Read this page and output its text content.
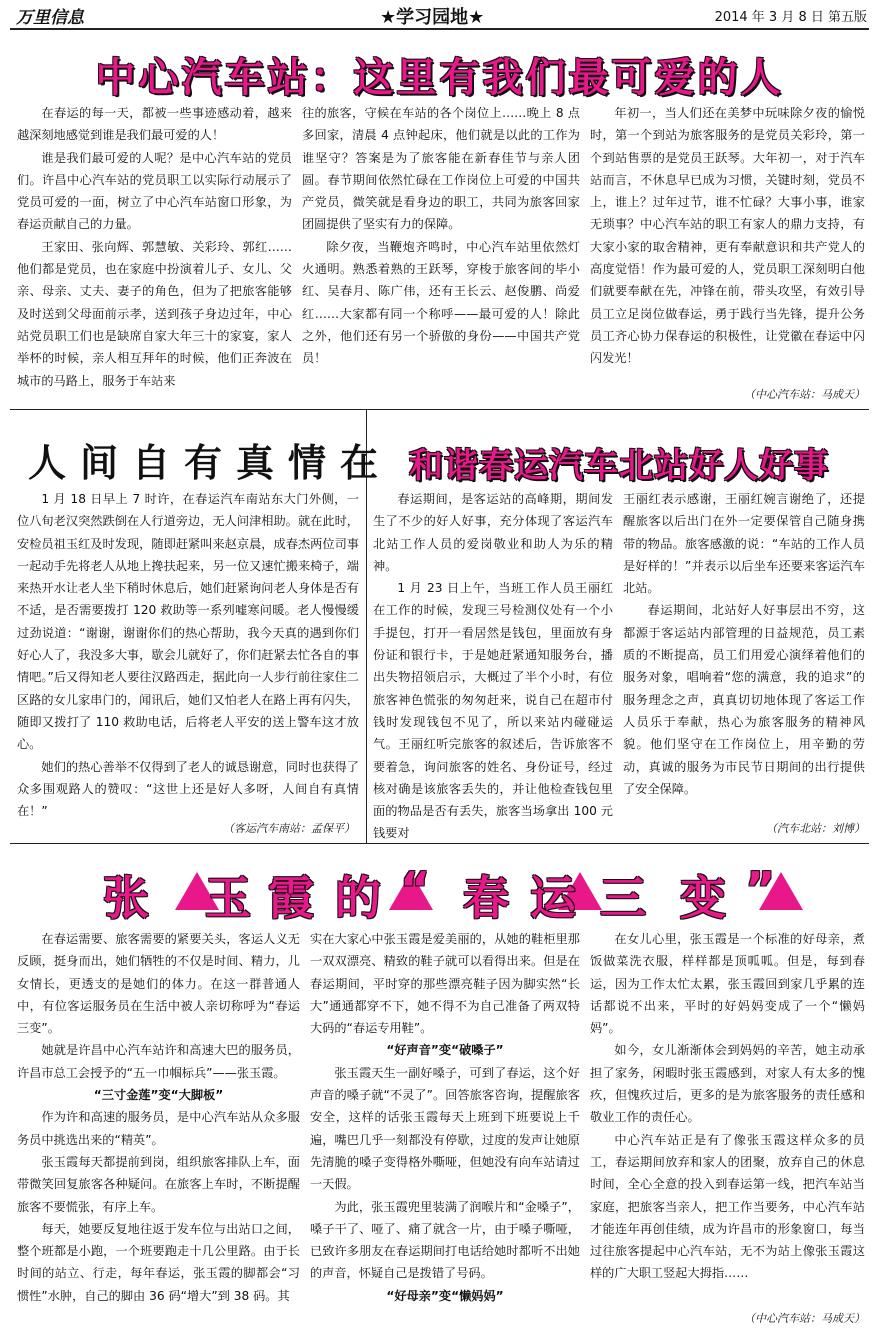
万里信息	★学习园地★	2014 年 3 月 8 日 第五版
中心汽车站：这里有我们最可爱的人

在春运的每一天，都被一些事迹感动着，越来越深刻地感觉到谁是我们最可爱的人！

谁是我们最可爱的人呢？是中心汽车站的党员们。许昌中心汽车站的党员职工以实际行动展示了党员可爱的一面，树立了中心汽车站窗口形象，为春运贡献自己的力量。

王家田、张向辉、郭慧敏、关彩玲、郭红……他们都是党员，也在家庭中扮演着儿子、女儿、父亲、母亲、丈夫、妻子的角色，但为了把旅客能够及时送到父母面前示孝，送到孩子身边过年，中心站党员职工们也是缺席自家大年三十的家宴，家人举杯的时候，亲人相互拜年的时候，他们正奔波在城市的马路上，服务于车站来

往的旅客，守候在车站的各个岗位上……晚上 8 点多回家，清晨 4 点钟起床，他们就是以此的工作为谁坚守？答案是为了旅客能在新春佳节与亲人团圆。春节期间依然忙碌在工作岗位上可爱的中国共产党员，微笑就是看身边的职工，共同为旅客回家团圆提供了坚实有力的保障。

除夕夜，当鞭炮齐鸣时，中心汽车站里依然灯火通明。熟悉着熟的王跃琴，穿梭于旅客间的毕小红、吴春月、陈广伟，还有王长云、赵俊鹏、尚爱红……大家都有同一个称呼——最可爱的人！除此之外，他们还有另一个骄傲的身份——中国共产党员！

年初一，当人们还在美梦中玩味除夕夜的愉悦时，第一个到站为旅客服务的是党员关彩玲，第一个到站售票的是党员王跃琴。大年初一，对于汽车站而言，不休息早已成为习惯，关键时刻，党员不上，谁上？过年过节，谁不忙碌？大事小事，谁家无琐事？中心汽车站的职工有家人的鼎力支持，有大家小家的取舍精神，更有奉献意识和共产党人的高度觉悟！作为最可爱的人，党员职工深刻明白他们就要奉献在先，冲锋在前，带头攻坚，有效引导员工立足岗位做春运，勇于践行当先锋，提升公务员工齐心协力保春运的积极性，让党徽在春运中闪闪发光！

（中心汽车站：马成天）
人间自有真情在

1 月 18 日早上 7 时许，在春运汽车南站东大门外侧，一位八旬老汉突然跌倒在人行道旁边，无人问津相助。就在此时，安检员祖玉红及时发现，随即赶紧叫来赵京晨，成春杰两位司事一起动手先将老人从地上搀扶起来，另一位又速忙搬来椅子，端来热开水让老人坐下稍时休息后，她们赶紧询问老人身体是否有不适，是否需要拨打 120 救助等一系列嘘寒问暖。老人慢慢缓过劲说道：“谢谢，谢谢你们的热心帮助，我今天真的遇到你们好心人了，我没多大事，歇会儿就好了，你们赶紧去忙各自的事情吧。”后又得知老人要往汉路西走，据此向一人步行前往家住二区路的女儿家串门的，闻讯后，她们又怕老人在路上再有闪失，随即又拨打了 110 救助电话，后将老人平安的送上警车这才放心。

她们的热心善举不仅得到了老人的诚恳谢意，同时也获得了众多围观路人的赞叹：“这世上还是好人多呀，人间自有真情在！”

（客运汽车南站：孟保平）
和谐春运汽车北站好人好事

春运期间，是客运站的高峰期，期间发生了不少的好人好事，充分体现了客运汽车北站工作人员的爱岗敬业和助人为乐的精神。

1 月 23 日上午，当班工作人员王丽红在工作的时候，发现三号检测仪处有一个小手提包，打开一看居然是钱包，里面放有身份证和银行卡，于是她赶紧通知服务台，播出失物招领启示，大概过了半个小时，有位旅客神色慌张的匆匆赶来，说自己在超市付钱时发现钱包不见了，所以来站内碰碰运气。王丽红听完旅客的叙述后，告诉旅客不要着急，询问旅客的姓名、身份证号，经过核对确是该旅客丢失的，并让他检查钱包里面的物品是否有丢失，旅客当场拿出 100 元钱要对

王丽红表示感谢，王丽红婉言谢绝了，还提醒旅客以后出门在外一定要保管自己随身携带的物品。旅客感激的说：“车站的工作人员是好样的！”并表示以后坐车还要来客运汽车北站。

春运期间，北站好人好事层出不穷，这都源于客运站内部管理的日益规范，员工素质的不断提高，员工们用爱心演绎着他们的服务对象，唱响着“您的满意，我的追求”的服务理念之声，真真切切地体现了客运工作人员乐于奉献，热心为旅客服务的精神风貌。他们坚守在工作岗位上，用辛勤的劳动，真诚的服务为市民节日期间的出行提供了安全保障。

（汽车北站：刘博）
张 玉 霞 的 “ 春 运 三 变 ”

在春运需要、旅客需要的紧要关头，客运人义无反顾，挺身而出，她们牺牲的不仅是时间、精力，儿女情长，更透支的是她们的体力。在这一群普通人中，有位客运服务员在生活中被人亲切称呼为“春运三变”。

她就是许昌中心汽车站许和高速大巴的服务员，许昌市总工会授予的“五一巾帼标兵”——张玉霞。

“三寸金莲”变“大脚板”

作为许和高速的服务员，是中心汽车站从众多服务员中挑选出来的“精英”。

张玉霞每天都提前到岗，组织旅客排队上车，面带微笑回复旅客各种疑问。在旅客上车时，不断提醒旅客不要慌张，有序上车。

每天，她要反复地往返于发车位与出站口之间，整个班都是小跑，一个班要跑走十几公里路。由于长时间的站立、行走，每年春运，张玉霞的脚都会“习惯性”水肿，自己的脚由 36 码“增大”到 38 码。其

实在大家心中张玉霞是爱美丽的，从她的鞋柜里那一双双漂亮、精致的鞋子就可以看得出来。但是在春运期间，平时穿的那些漂亮鞋子因为脚实然“长大”通通都穿不下，她不得不为自己准备了两双特大码的“春运专用鞋”。

“好声音”变“破嗓子”

张玉霞天生一副好嗓子，可到了春运，这个好声音的嗓子就“不灵了”。回答旅客咨询，提醒旅客安全，这样的话张玉霞每天上班到下班要说上千遍，嘴巴几乎一刻都没有停歇，过度的发声让她原先清脆的嗓子变得格外嘶哑，但她没有向车站请过一天假。

为此，张玉霞兜里装满了润喉片和“金嗓子”，嗓子干了、哑了、痛了就含一片，由于嗓子嘶哑，已致许多朋友在春运期间打电话给她时都听不出她的声音，怀疑自己是拨错了号码。

“好母亲”变“懒妈妈”

在女儿心里，张玉霞是一个标准的好母亲，煮饭做菜洗衣服，样样都是顶呱呱。但是，每到春运，因为工作太忙太累，张玉霞回到家几乎累的连话都说不出来，平时的好妈妈变成了一个“懒妈妈”。

如今，女儿渐渐体会到妈妈的辛苦，她主动承担了家务，闲暇时张玉霞感到，对家人有太多的愧疚，但愧疚过后，更多的是为旅客服务的责任感和敬业工作的责任心。

中心汽车站正是有了像张玉霞这样众多的员工，春运期间放弃和家人的团聚，放弃自己的休息时间，全心全意的投入到春运第一线，把汽车站当家庭，把旅客当亲人，把工作当要务，中心汽车站才能连年再创佳绩，成为许昌市的形象窗口，每当过往旅客提起中心汽车站，无不为站上像张玉霞这样的广大职工竖起大拇指……

（中心汽车站：马成天）
